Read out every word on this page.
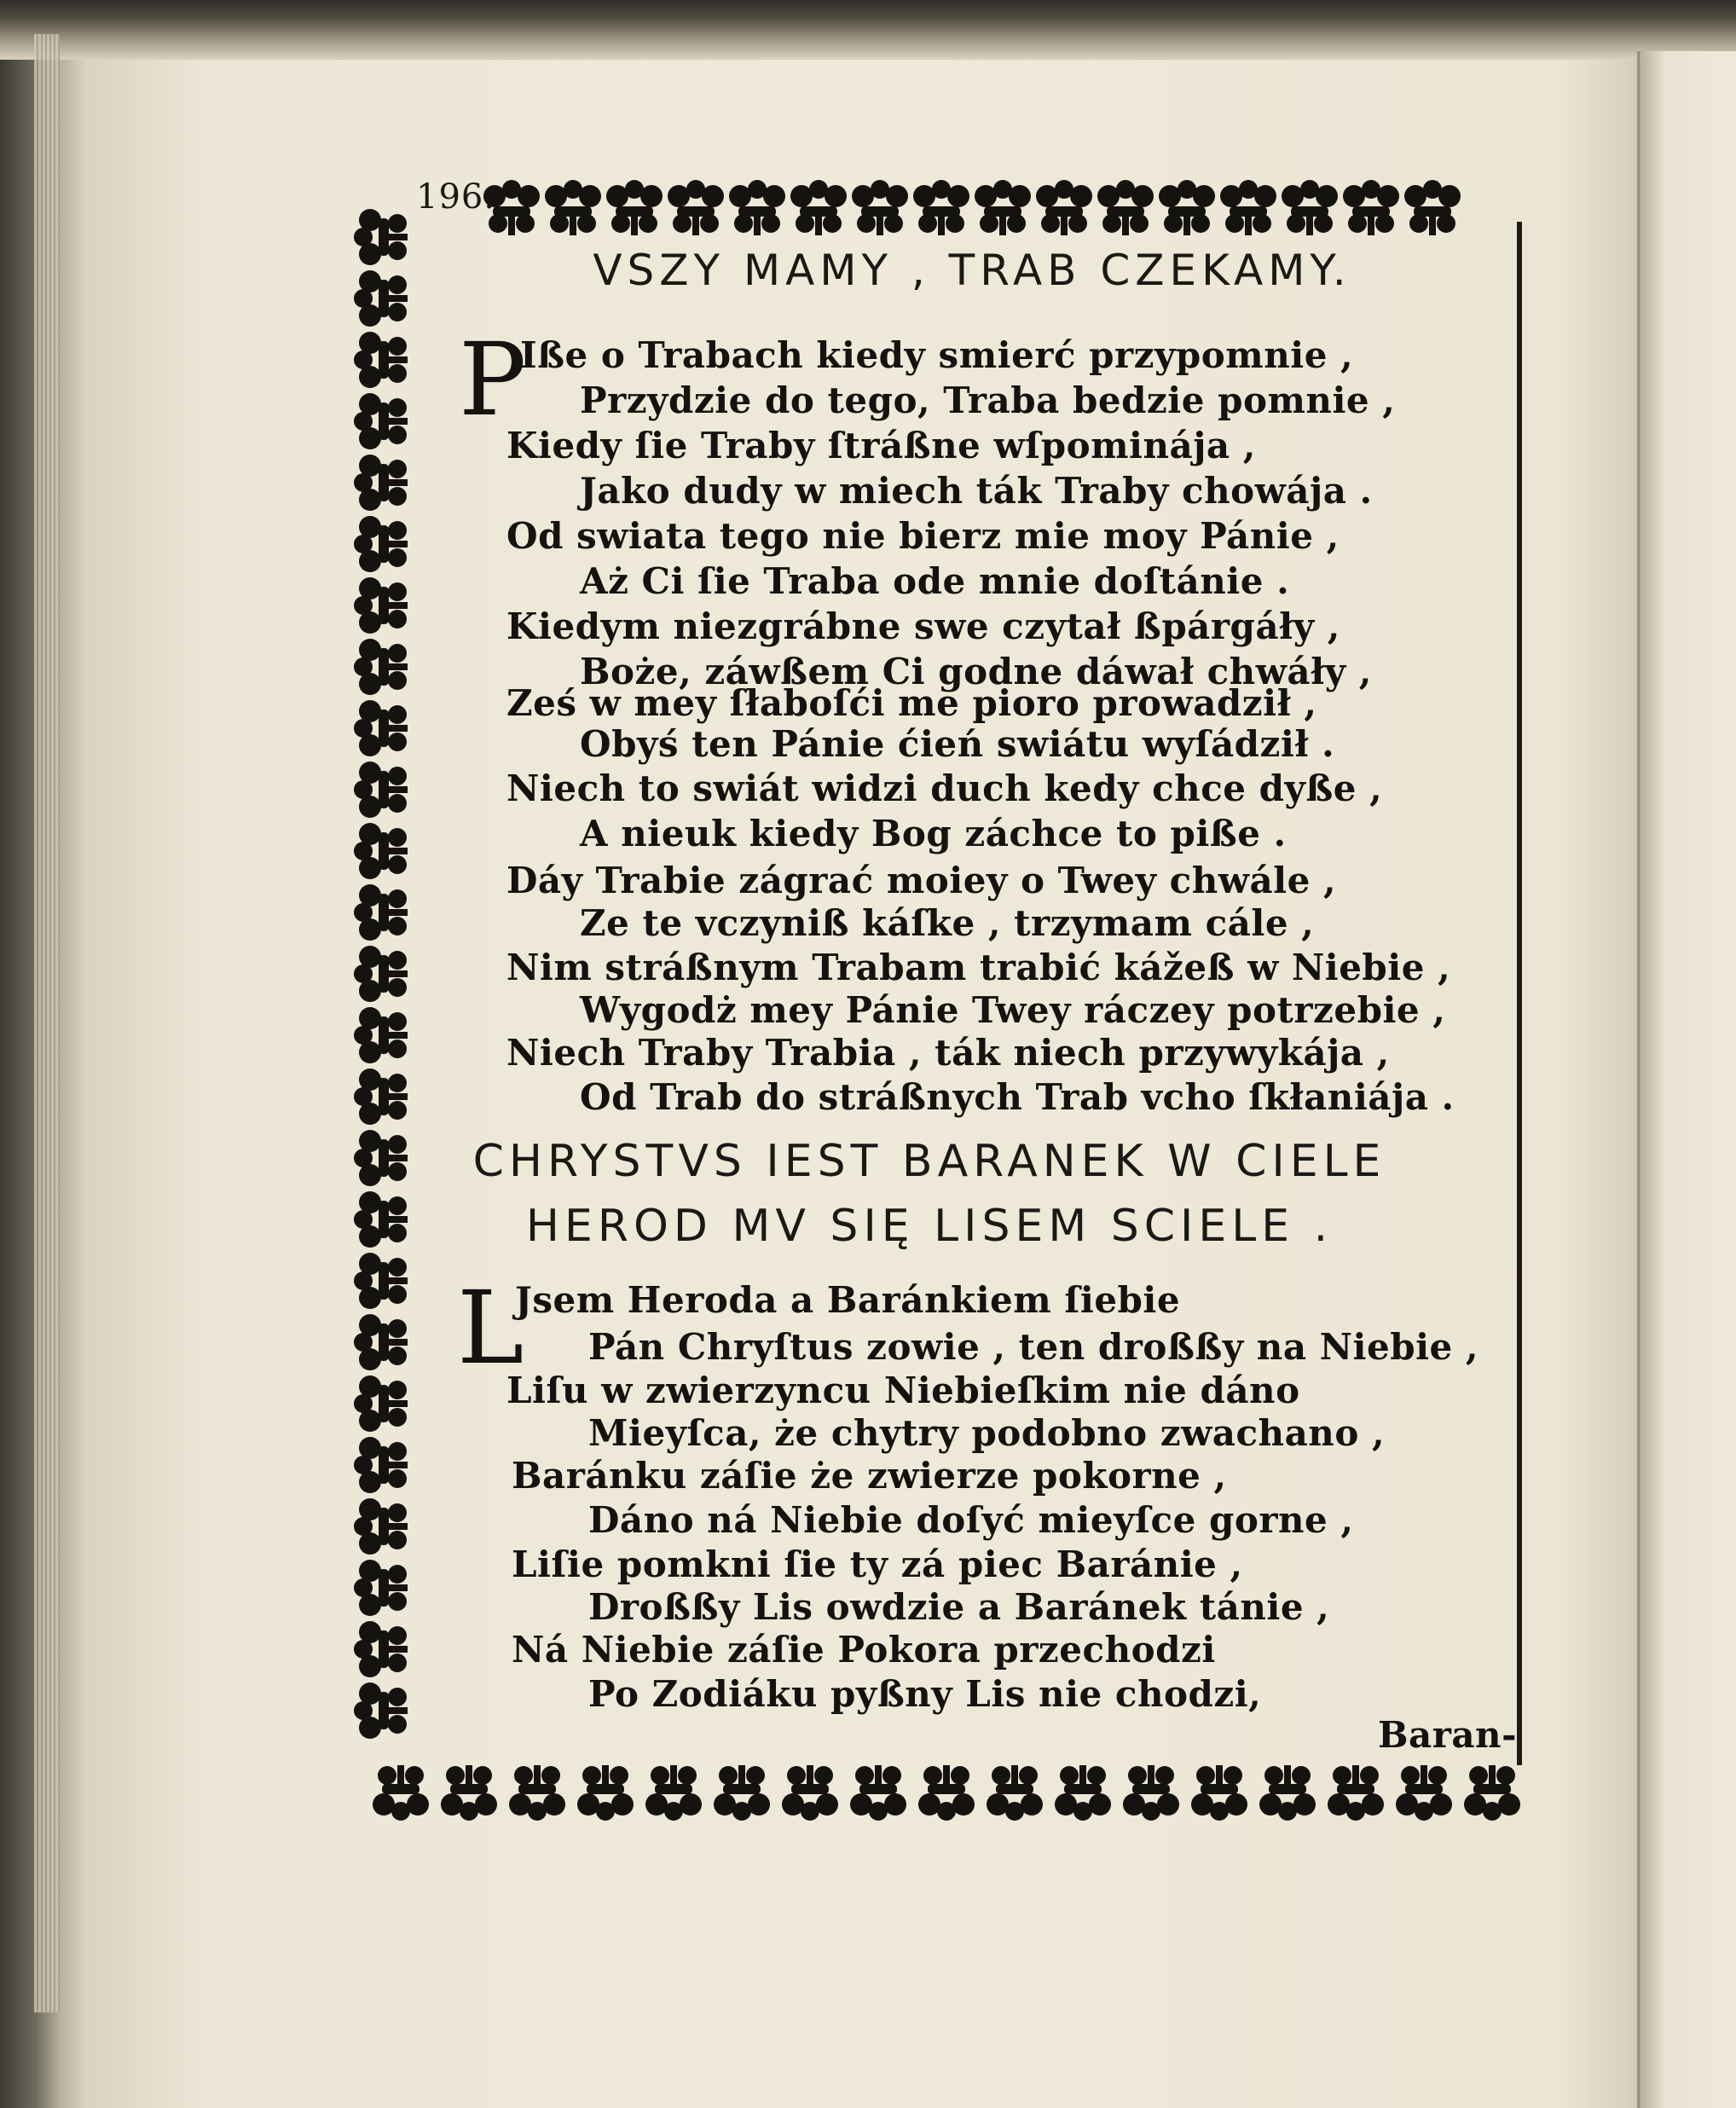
196.
VSZY MAMY , TRAB CZEKAMY.
P
Iße o Trabach kiedy smierć przypomnie ,
Przydzie do tego, Traba bedzie pomnie ,
Kiedy ſie Traby ſtráßne wſpominája ,
Jako dudy w miech ták Traby chowája .
Od swiata tego nie bierz mie moy Pánie ,
Aż Ci ſie Traba ode mnie doſtánie .
Kiedym niezgrábne swe czytał ßpárgáły ,
Boże, záwßem Ci godne dáwał chwáły ,
Ześ w mey ſłaboſći me pioro prowadził ,
Obyś ten Pánie ćień swiátu wyſádził .
Niech to swiát widzi duch kedy chce dyße ,
A nieuk kiedy Bog záchce to piße .
Dáy Trabie zágrać moiey o Twey chwále ,
Ze te vczyniß káſke , trzymam cále ,
Nim stráßnym Trabam trabić kážeß w Niebie ,
Wygodż mey Pánie Twey ráczey potrzebie ,
Niech Traby Trabia , ták niech przywykája ,
Od Trab do stráßnych Trab vcho ſkłaniája .
CHRYSTVS IEST BARANEK W CIELE
HEROD MV SIĘ LISEM SCIELE .
L
Jsem Heroda a Baránkiem ſiebie
Pán Chryſtus zowie , ten droßßy na Niebie ,
Liſu w zwierzyncu Niebieſkim nie dáno
Mieyſca, że chytry podobno zwachano ,
Baránku záſie że zwierze pokorne ,
Dáno ná Niebie doſyć mieyſce gorne ,
Liſie pomkni ſie ty zá piec Baránie ,
Droßßy Lis owdzie a Baránek tánie ,
Ná Niebie záſie Pokora przechodzi
Po Zodiáku pyßny Lis nie chodzi,
Baran-
